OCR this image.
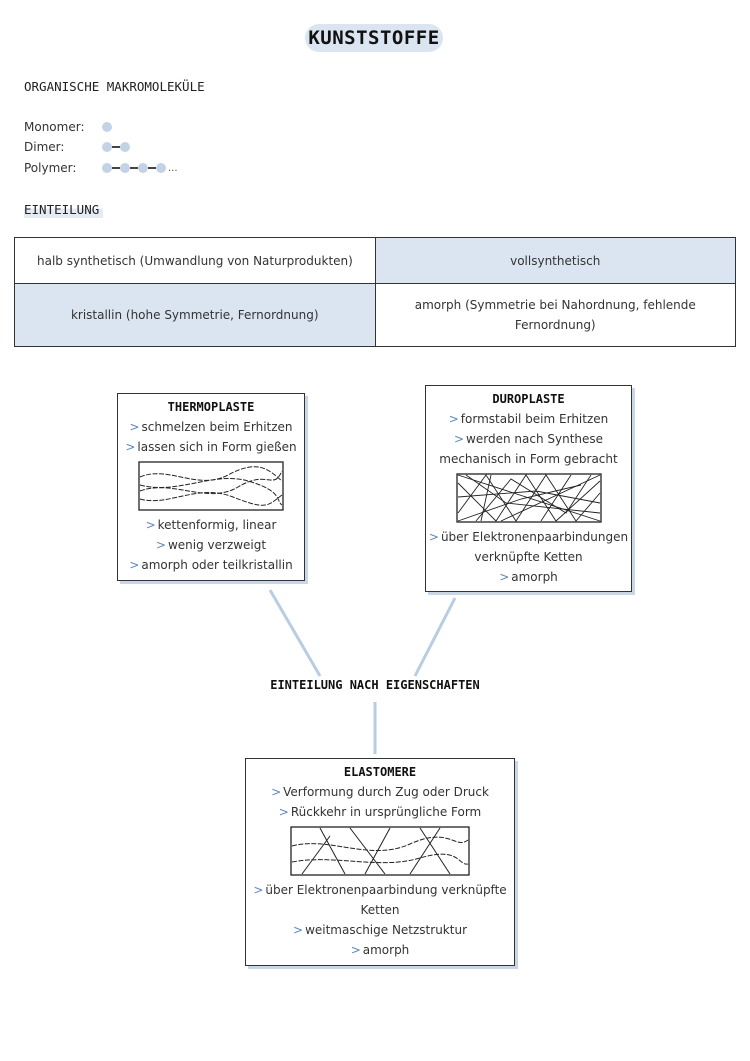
KUNSTSTOFFE
ORGANISCHE MAKROMOLEKÜLE
Monomer:
Dimer:
Polymer:	...
EINTEILUNG
halb synthetisch (Umwandlung von Naturprodukten)	vollsynthetisch
kristallin (hohe Symmetrie, Fernordnung)	amorph (Symmetrie bei Nahordnung, fehlende Fernordnung)
THERMOPLASTE
> schmelzen beim Erhitzen
> lassen sich in Form gießen
> kettenformig, linear
> wenig verzweigt
> amorph oder teilkristallin
DUROPLASTE
> formstabil beim Erhitzen
> werden nach Synthese
mechanisch in Form gebracht
> über Elektronenpaarbindungen
verknüpfte Ketten
> amorph
EINTEILUNG NACH EIGENSCHAFTEN
ELASTOMERE
> Verformung durch Zug oder Druck
> Rückkehr in ursprüngliche Form
> über Elektronenpaarbindung verknüpfte
Ketten
> weitmaschige Netzstruktur
> amorph
